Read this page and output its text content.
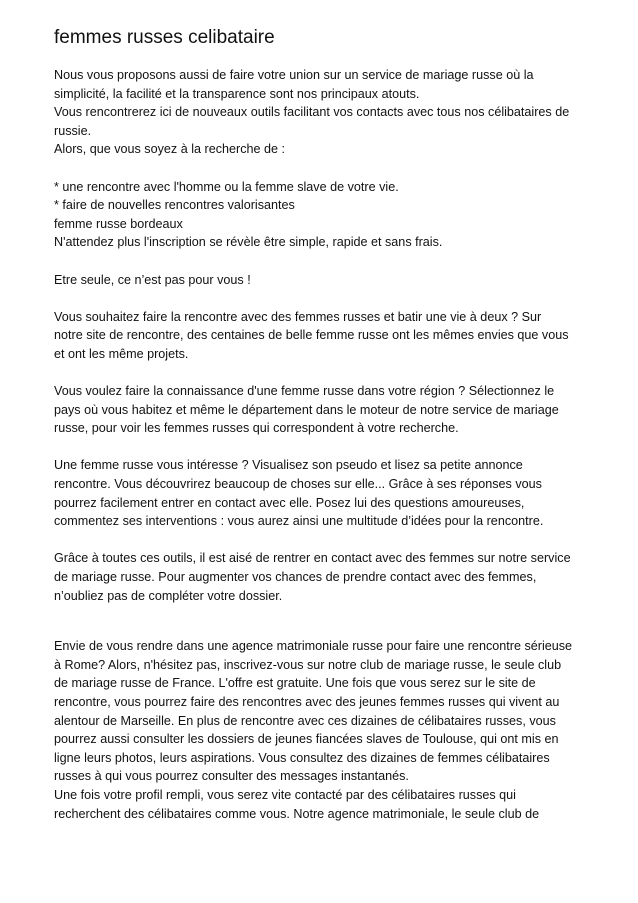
femmes russes celibataire

Nous vous proposons aussi de faire votre union sur un service de mariage russe où la
simplicité, la facilité et la transparence sont nos principaux atouts.
Vous rencontrerez ici de nouveaux outils facilitant vos contacts avec tous nos célibataires de
russie.
Alors, que vous soyez à la recherche de :

* une rencontre avec l'homme ou la femme slave de votre vie.
* faire de nouvelles rencontres valorisantes
femme russe bordeaux
N'attendez plus l'inscription se révèle être simple, rapide et sans frais.

Etre seule, ce n’est pas pour vous !

Vous souhaitez faire la rencontre avec des femmes russes et batir une vie à deux ? Sur
notre site de rencontre, des centaines de belle femme russe ont les mêmes envies que vous
et ont les même projets.

Vous voulez faire la connaissance d'une femme russe dans votre région ? Sélectionnez le
pays où vous habitez et même le département dans le moteur de notre service de mariage
russe, pour voir les femmes russes qui correspondent à votre recherche.

Une femme russe vous intéresse ? Visualisez son pseudo et lisez sa petite annonce
rencontre. Vous découvrirez beaucoup de choses sur elle... Grâce à ses réponses vous
pourrez facilement entrer en contact avec elle. Posez lui des questions amoureuses,
commentez ses interventions : vous aurez ainsi une multitude d’idées pour la rencontre.

Grâce à toutes ces outils, il est aisé de rentrer en contact avec des femmes sur notre service
de mariage russe. Pour augmenter vos chances de prendre contact avec des femmes,
n’oubliez pas de compléter votre dossier.

Envie de vous rendre dans une agence matrimoniale russe pour faire une rencontre sérieuse
à Rome? Alors, n'hésitez pas, inscrivez-vous sur notre club de mariage russe, le seule club
de mariage russe de France. L'offre est gratuite. Une fois que vous serez sur le site de
rencontre, vous pourrez faire des rencontres avec des jeunes femmes russes qui vivent au
alentour de Marseille. En plus de rencontre avec ces dizaines de célibataires russes, vous
pourrez aussi consulter les dossiers de jeunes fiancées slaves de Toulouse, qui ont mis en
ligne leurs photos, leurs aspirations. Vous consultez des dizaines de femmes célibataires
russes à qui vous pourrez consulter des messages instantanés.
Une fois votre profil rempli, vous serez vite contacté par des célibataires russes qui
recherchent des célibataires comme vous. Notre agence matrimoniale, le seule club de
